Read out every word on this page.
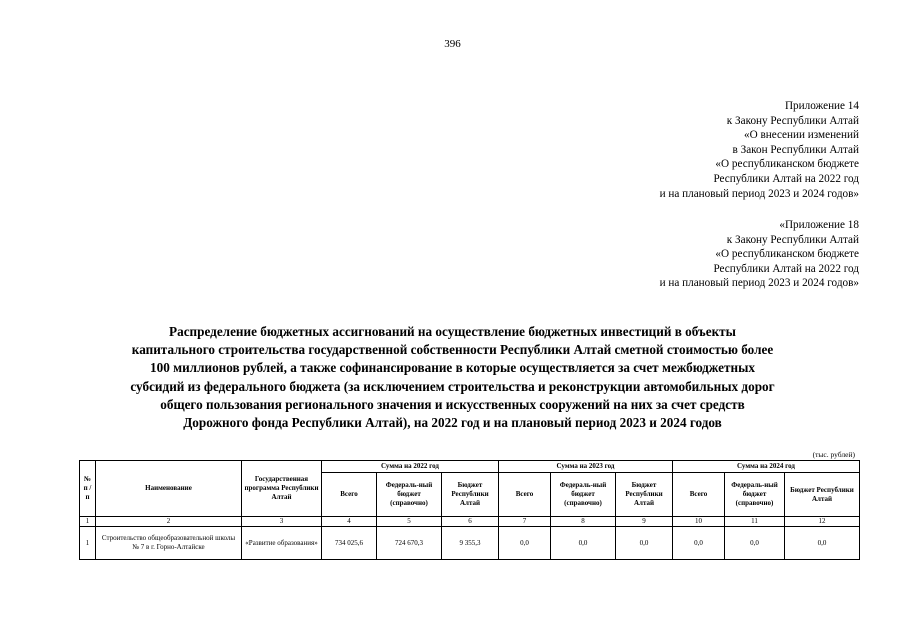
396
Приложение 14
к Закону Республики Алтай
«О внесении изменений
в Закон Республики Алтай
«О республиканском бюджете
Республики Алтай на 2022 год
и на плановый период 2023 и 2024 годов»
«Приложение 18
к Закону Республики Алтай
«О республиканском бюджете
Республики Алтай на 2022 год
и на плановый период 2023 и 2024 годов»
Распределение бюджетных ассигнований на осуществление бюджетных инвестиций в объекты
капитального строительства государственной собственности Республики Алтай сметной стоимостью более
100 миллионов рублей, а также софинансирование в которые осуществляется за счет межбюджетных
субсидий из федерального бюджета (за исключением строительства и реконструкции автомобильных дорог
общего пользования регионального значения и искусственных сооружений на них за счет средств
Дорожного фонда Республики Алтай), на 2022 год и на плановый период 2023 и 2024 годов
(тыс. рублей)
№ п / п	Наименование	Государственная программа Республики Алтай	Сумма на 2022 год			Сумма на 2023 год			Сумма на 2024 год		
			Всего	Федераль-ный бюджет (справочно)	Бюджет Республики Алтай	Всего	Федераль-ный бюджет (справочно)	Бюджет Республики Алтай	Всего	Федераль-ный бюджет (справочно)	Бюджет Республики Алтай
1	2	3	4	5	6	7	8	9	10	11	12
1	Строительство общеобразовательной школы № 7 в г. Горно-Алтайске	«Развитие образования»	734 025,6	724 670,3	9 355,3	0,0	0,0	0,0	0,0	0,0	0,0
